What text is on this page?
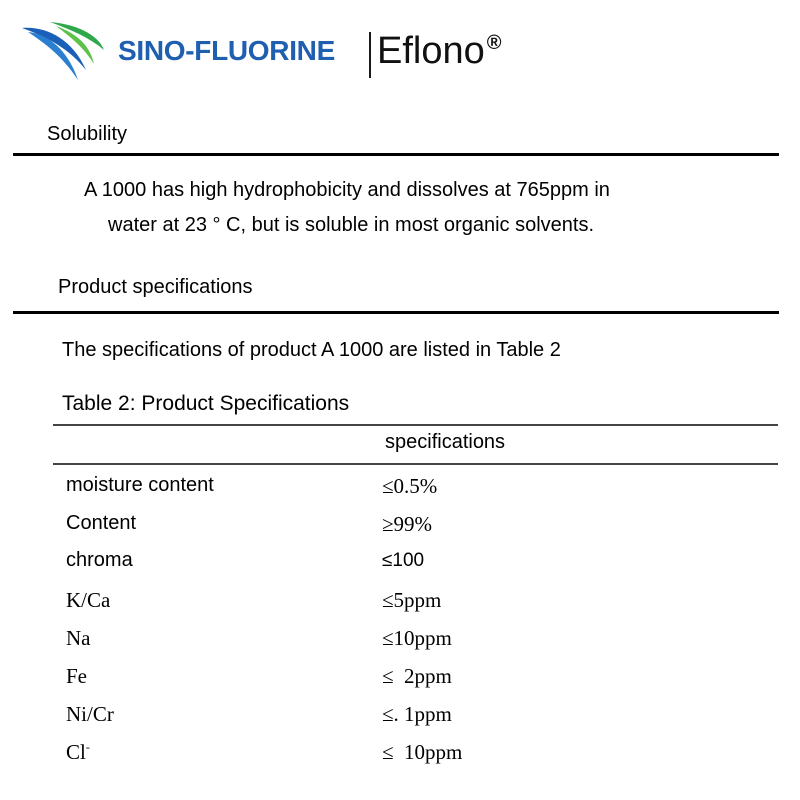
SINO-FLUORINE Eflono ®
Solubility
A 1000 has high hydrophobicity and dissolves at 765ppm in
water at 23 ° C, but is soluble in most organic solvents.
Product specifications
The specifications of product A 1000 are listed in Table 2
Table 2: Product Specifications
specifications
moisture content	≤0.5%
Content	≥99%
chroma	≤100
K/Ca	≤5ppm
Na	≤10ppm
Fe	≤  2ppm
Ni/Cr	≤. 1ppm
Cl-	≤  10ppm
